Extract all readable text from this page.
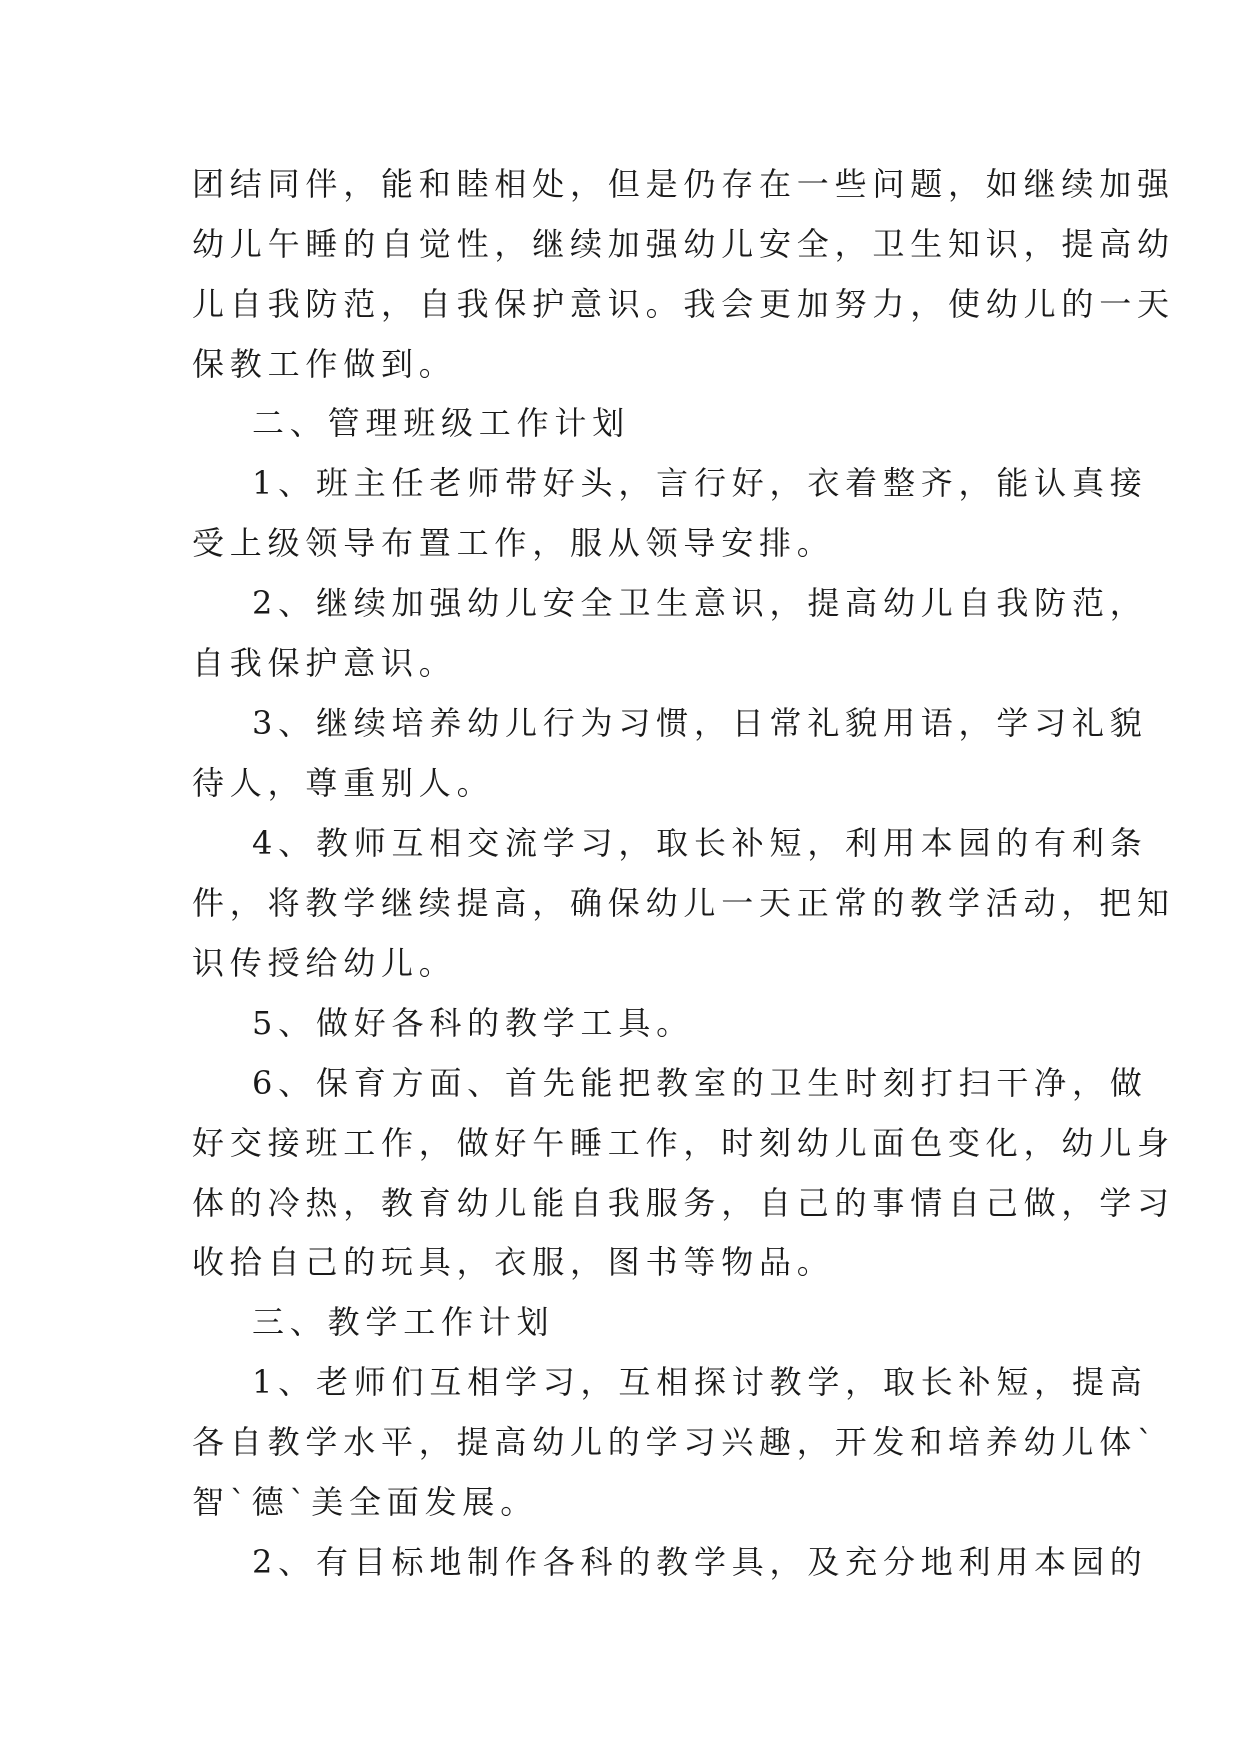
团结同伴，能和睦相处，但是仍存在一些问题，如继续加强
幼儿午睡的自觉性，继续加强幼儿安全，卫生知识，提高幼
儿自我防范，自我保护意识。我会更加努力，使幼儿的一天
保教工作做到。
二、管理班级工作计划
1、班主任老师带好头，言行好，衣着整齐，能认真接
受上级领导布置工作，服从领导安排。
2、继续加强幼儿安全卫生意识，提高幼儿自我防范，
自我保护意识。
3、继续培养幼儿行为习惯，日常礼貌用语，学习礼貌
待人，尊重别人。
4、教师互相交流学习，取长补短，利用本园的有利条
件，将教学继续提高，确保幼儿一天正常的教学活动，把知
识传授给幼儿。
5、做好各科的教学工具。
6、保育方面、首先能把教室的卫生时刻打扫干净，做
好交接班工作，做好午睡工作，时刻幼儿面色变化，幼儿身
体的冷热，教育幼儿能自我服务，自己的事情自己做，学习
收拾自己的玩具，衣服，图书等物品。
三、教学工作计划
1、老师们互相学习，互相探讨教学，取长补短，提高
各自教学水平，提高幼儿的学习兴趣，开发和培养幼儿体`
智`德`美全面发展。
2、有目标地制作各科的教学具，及充分地利用本园的
